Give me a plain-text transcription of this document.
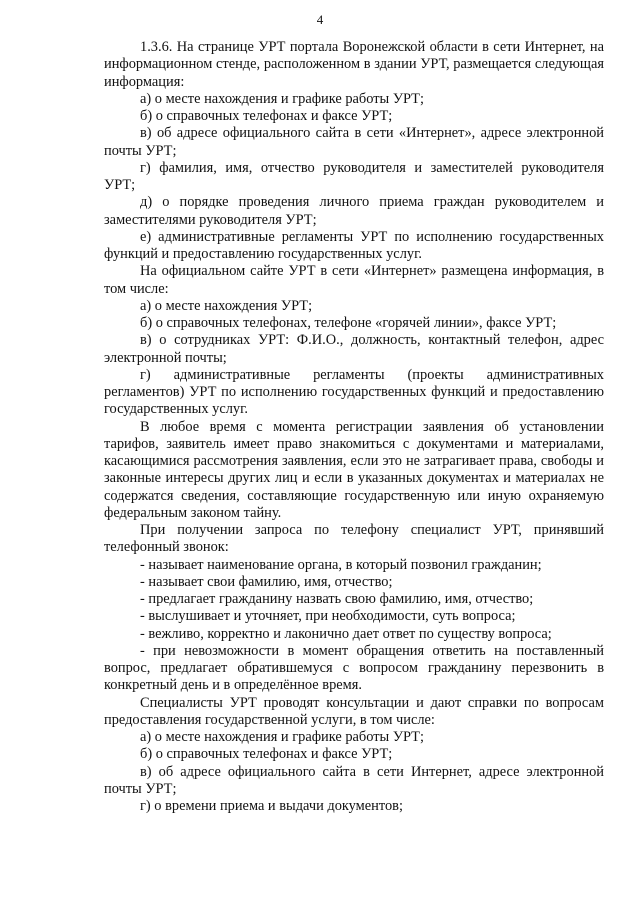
4

1.3.6. На странице УРТ портала Воронежской области в сети Интернет, на информационном стенде, расположенном в здании УРТ, размещается следующая информация:

а) о месте нахождения и графике работы УРТ;

б) о справочных телефонах и факсе УРТ;

в) об адресе официального сайта в сети «Интернет», адресе электронной почты УРТ;

г) фамилия, имя, отчество руководителя и заместителей руководителя УРТ;

д) о порядке проведения личного приема граждан руководителем и заместителями руководителя УРТ;

е) административные регламенты УРТ по исполнению государственных функций и предоставлению государственных услуг.

На официальном сайте УРТ в сети «Интернет» размещена информация, в том числе:

а) о месте нахождения УРТ;

б) о справочных телефонах, телефоне «горячей линии», факсе УРТ;

в) о сотрудниках УРТ: Ф.И.О., должность, контактный телефон, адрес электронной почты;

г) административные регламенты (проекты административных регламентов) УРТ по исполнению государственных функций и предоставлению государственных услуг.

В любое время с момента регистрации заявления об установлении тарифов, заявитель имеет право знакомиться с документами и материалами, касающимися рассмотрения заявления, если это не затрагивает права, свободы и законные интересы других лиц и если в указанных документах и материалах не содержатся сведения, составляющие государственную или иную охраняемую федеральным законом тайну.

При получении запроса по телефону специалист УРТ, принявший телефонный звонок:

- называет наименование органа, в который позвонил гражданин;

- называет свои фамилию, имя, отчество;

- предлагает гражданину назвать свою фамилию, имя, отчество;

- выслушивает и уточняет, при необходимости, суть вопроса;

- вежливо, корректно и лаконично дает ответ по существу вопроса;

- при невозможности в момент обращения ответить на поставленный вопрос, предлагает обратившемуся с вопросом гражданину перезвонить в конкретный день и в определённое время.

Специалисты УРТ проводят консультации и дают справки по вопросам предоставления государственной услуги, в том числе:

а) о месте нахождения и графике работы УРТ;

б) о справочных телефонах и факсе УРТ;

в) об адресе официального сайта в сети Интернет, адресе электронной почты УРТ;

г) о времени приема и выдачи документов;
